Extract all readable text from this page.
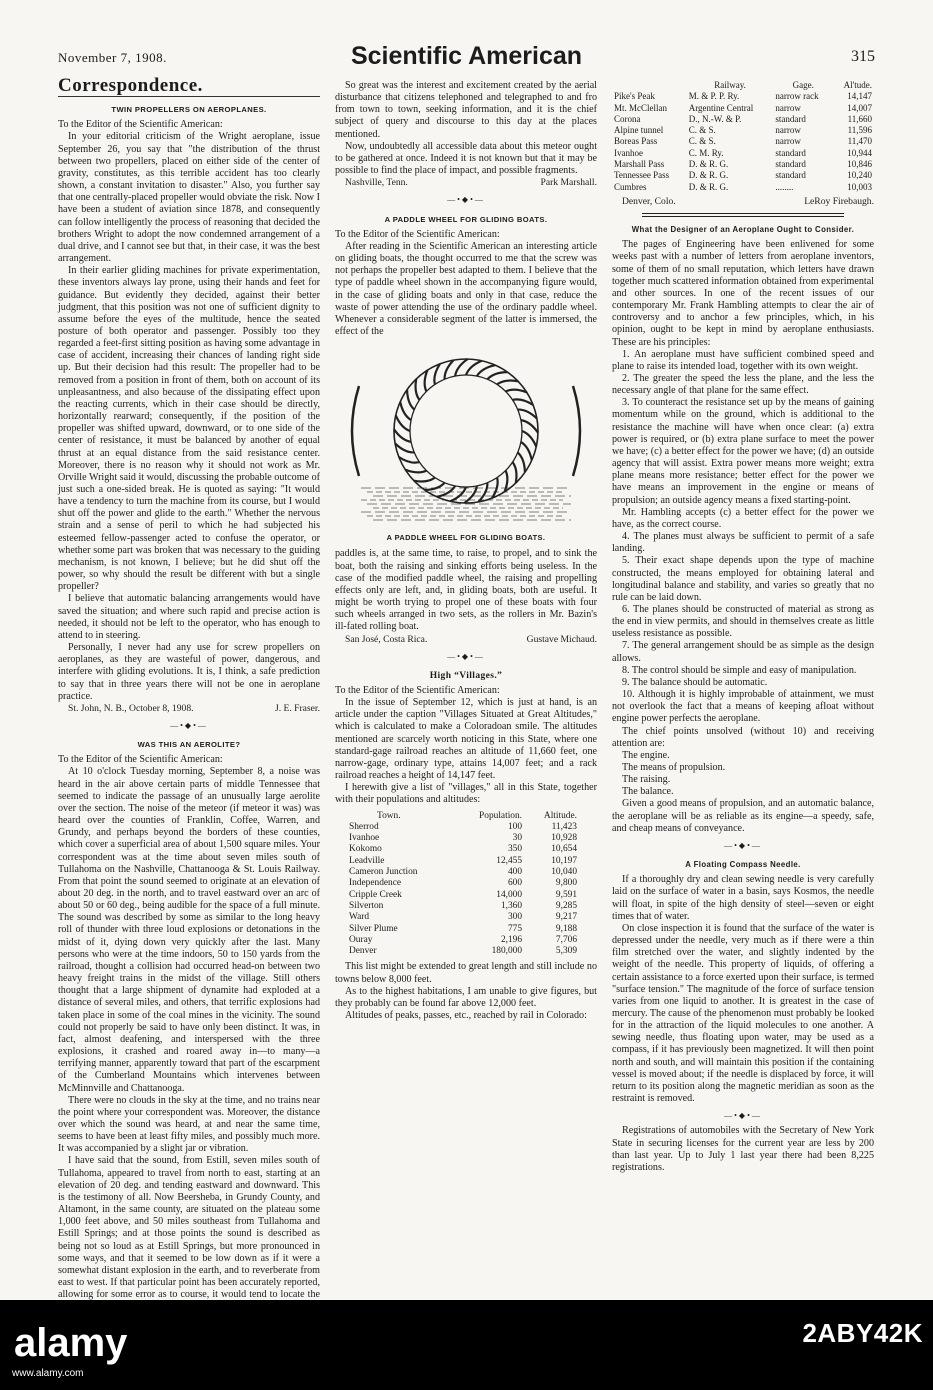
November 7, 1908.	Scientific American	315
Correspondence.
TWIN PROPELLERS ON AEROPLANES.

To the Editor of the Scientific American:

In your editorial criticism of the Wright aeroplane, issue September 26, you say that "the distribution of the thrust between two propellers, placed on either side of the center of gravity, constitutes, as this terrible accident has too clearly shown, a constant invitation to disaster." Also, you further say that one centrally-placed propeller would obviate the risk. Now I have been a student of aviation since 1878, and consequently can follow intelligently the process of reasoning that decided the brothers Wright to adopt the now condemned arrangement of a dual drive, and I cannot see but that, in their case, it was the best arrangement.

In their earlier gliding machines for private experimentation, these inventors always lay prone, using their hands and feet for guidance. But evidently they decided, against their better judgment, that this position was not one of sufficient dignity to assume before the eyes of the multitude, hence the seated posture of both operator and passenger. Possibly too they regarded a feet-first sitting position as having some advantage in case of accident, increasing their chances of landing right side up. But their decision had this result: The propeller had to be removed from a position in front of them, both on account of its unpleasantness, and also because of the dissipating effect upon the reacting currents, which in their case should be directly, horizontally rearward; consequently, if the position of the propeller was shifted upward, downward, or to one side of the center of resistance, it must be balanced by another of equal thrust at an equal distance from the said resistance center. Moreover, there is no reason why it should not work as Mr. Orville Wright said it would, discussing the probable outcome of just such a one-sided break. He is quoted as saying: "It would have a tendency to turn the machine from its course, but I would shut off the power and glide to the earth." Whether the nervous strain and a sense of peril to which he had subjected his esteemed fellow-passenger acted to confuse the operator, or whether some part was broken that was necessary to the guiding mechanism, is not known, I believe; but he did shut off the power, so why should the result be different with but a single propeller?

I believe that automatic balancing arrangements would have saved the situation; and where such rapid and precise action is needed, it should not be left to the operator, who has enough to attend to in steering.

Personally, I never had any use for screw propellers on aeroplanes, as they are wasteful of power, dangerous, and interfere with gliding evolutions. It is, I think, a safe prediction to say that in three years there will not be one in aeroplane practice.

St. John, N. B., October 8, 1908.	J. E. Fraser.
―•◆•―
WAS THIS AN AEROLITE?

To the Editor of the Scientific American:

At 10 o'clock Tuesday morning, September 8, a noise was heard in the air above certain parts of middle Tennessee that seemed to indicate the passage of an unusually large aerolite over the section. The noise of the meteor (if meteor it was) was heard over the counties of Franklin, Coffee, Warren, and Grundy, and perhaps beyond the borders of these counties, which cover a superficial area of about 1,500 square miles. Your correspondent was at the time about seven miles south of Tullahoma on the Nashville, Chattanooga & St. Louis Railway. From that point the sound seemed to originate at an elevation of about 20 deg. in the north, and to travel eastward over an arc of about 50 or 60 deg., being audible for the space of a full minute. The sound was described by some as similar to the long heavy roll of thunder with three loud explosions or detonations in the midst of it, dying down very quickly after the last. Many persons who were at the time indoors, 50 to 150 yards from the railroad, thought a collision had occurred head-on between two heavy freight trains in the midst of the village. Still others thought that a large shipment of dynamite had exploded at a distance of several miles, and others, that terrific explosions had taken place in some of the coal mines in the vicinity. The sound could not properly be said to have only been distinct. It was, in fact, almost deafening, and interspersed with the three explosions, it crashed and roared away in—to many—a terrifying manner, apparently toward that part of the escarpment of the Cumberland Mountains which intervenes between McMinnville and Chattanooga.

There were no clouds in the sky at the time, and no trains near the point where your correspondent was. Moreover, the distance over which the sound was heard, at and near the same time, seems to have been at least fifty miles, and possibly much more. It was accompanied by a slight jar or vibration.

I have said that the sound, from Estill, seven miles south of Tullahoma, appeared to travel from north to east, starting at an elevation of 20 deg. and tending eastward and downward. This is the testimony of all. Now Beersheba, in Grundy County, and Altamont, in the same county, are situated on the plateau some 1,000 feet above, and 50 miles southeast from Tullahoma and Estill Springs; and at those points the sound is described as being not so loud as at Estill Springs, but more pronounced in some ways, and that it seemed to be low down as if it were a somewhat distant explosion in the earth, and to reverberate from east to west. If that particular point has been accurately reported, allowing for some error as to course, it would tend to locate the

So great was the interest and excitement created by the aerial disturbance that citizens telephoned and telegraphed to and fro from town to town, seeking information, and it is the chief subject of query and discourse to this day at the places mentioned.

Now, undoubtedly all accessible data about this meteor ought to be gathered at once. Indeed it is not known but that it may be possible to find the place of impact, and possible fragments.

Nashville, Tenn.	Park Marshall.
―•◆•―
A PADDLE WHEEL FOR GLIDING BOATS.

To the Editor of the Scientific American:

After reading in the Scientific American an interesting article on gliding boats, the thought occurred to me that the screw was not perhaps the propeller best adapted to them. I believe that the type of paddle wheel shown in the accompanying figure would, in the case of gliding boats and only in that case, reduce the waste of power attending the use of the ordinary paddle wheel. Whenever a considerable segment of the latter is immersed, the effect of the

A PADDLE WHEEL FOR GLIDING BOATS.

paddles is, at the same time, to raise, to propel, and to sink the boat, both the raising and sinking efforts being useless. In the case of the modified paddle wheel, the raising and propelling effects only are left, and, in gliding boats, both are useful. It might be worth trying to propel one of these boats with four such wheels arranged in two sets, as the rollers in Mr. Bazin's ill-fated rolling boat.

San José, Costa Rica.	Gustave Michaud.
―•◆•―
High “Villages.”

To the Editor of the Scientific American:

In the issue of September 12, which is just at hand, is an article under the caption "Villages Situated at Great Altitudes," which is calculated to make a Coloradoan smile. The altitudes mentioned are scarcely worth noticing in this State, where one standard-gage railroad reaches an altitude of 11,660 feet, one narrow-gage, ordinary type, attains 14,007 feet; and a rack railroad reaches a height of 14,147 feet.

I herewith give a list of "villages," all in this State, together with their populations and altitudes:

Town.	Population.	Altitude.
Sherrod	100	11,423
Ivanhoe	30	10,928
Kokomo	350	10,654
Leadville	12,455	10,197
Cameron Junction	400	10,040
Independence	600	9,800
Cripple Creek	14,000	9,591
Silverton	1,360	9,285
Ward	300	9,217
Silver Plume	775	9,188
Ouray	2,196	7,706
Denver	180,000	5,309

This list might be extended to great length and still include no towns below 8,000 feet.

As to the highest habitations, I am unable to give figures, but they probably can be found far above 12,000 feet.

Altitudes of peaks, passes, etc., reached by rail in Colorado:

	Railway.	Gage.	Al'tude.
Pike's Peak	M. & P. P. Ry.	narrow rack	14,147
Mt. McClellan	Argentine Central	narrow	14,007
Corona	D., N.-W. & P.	standard	11,660
Alpine tunnel	C. & S.	narrow	11,596
Boreas Pass	C. & S.	narrow	11,470
Ivanhoe	C. M. Ry.	standard	10,944
Marshall Pass	D. & R. G.	standard	10,846
Tennessee Pass	D. & R. G.	standard	10,240
Cumbres	D. & R. G.	........	10,003
Denver, Colo.	LeRoy Firebaugh.
What the Designer of an Aeroplane Ought to Consider.

The pages of Engineering have been enlivened for some weeks past with a number of letters from aeroplane inventors, some of them of no small reputation, which letters have drawn together much scattered information obtained from experimental and other sources. In one of the recent issues of our contemporary Mr. Frank Hambling attempts to clear the air of controversy and to anchor a few principles, which, in his opinion, ought to be kept in mind by aeroplane enthusiasts. These are his principles:

1. An aeroplane must have sufficient combined speed and plane to raise its intended load, together with its own weight.

2. The greater the speed the less the plane, and the less the necessary angle of that plane for the same effect.

3. To counteract the resistance set up by the means of gaining momentum while on the ground, which is additional to the resistance the machine will have when once clear: (a) extra power is required, or (b) extra plane surface to meet the power we have; (c) a better effect for the power we have; (d) an outside agency that will assist. Extra power means more weight; extra plane means more resistance; better effect for the power we have means an improvement in the engine or means of propulsion; an outside agency means a fixed starting-point.

Mr. Hambling accepts (c) a better effect for the power we have, as the correct course.

4. The planes must always be sufficient to permit of a safe landing.

5. Their exact shape depends upon the type of machine constructed, the means employed for obtaining lateral and longitudinal balance and stability, and varies so greatly that no rule can be laid down.

6. The planes should be constructed of material as strong as the end in view permits, and should in themselves create as little useless resistance as possible.

7. The general arrangement should be as simple as the design allows.

8. The control should be simple and easy of manipulation.

9. The balance should be automatic.

10. Although it is highly improbable of attainment, we must not overlook the fact that a means of keeping afloat without engine power perfects the aeroplane.

The chief points unsolved (without 10) and receiving attention are:

The engine.

The means of propulsion.

The raising.

The balance.

Given a good means of propulsion, and an automatic balance, the aeroplane will be as reliable as its engine—a speedy, safe, and cheap means of conveyance.

―•◆•―
A Floating Compass Needle.

If a thoroughly dry and clean sewing needle is very carefully laid on the surface of water in a basin, says Kosmos, the needle will float, in spite of the high density of steel—seven or eight times that of water.

On close inspection it is found that the surface of the water is depressed under the needle, very much as if there were a thin film stretched over the water, and slightly indented by the weight of the needle. This property of liquids, of offering a certain assistance to a force exerted upon their surface, is termed "surface tension." The magnitude of the force of surface tension varies from one liquid to another. It is greatest in the case of mercury. The cause of the phenomenon must probably be looked for in the attraction of the liquid molecules to one another. A sewing needle, thus floating upon water, may be used as a compass, if it has previously been magnetized. It will then point north and south, and will maintain this position if the containing vessel is moved about; if the needle is displaced by force, it will return to its position along the magnetic meridian as soon as the restraint is removed.

―•◆•―

Registrations of automobiles with the Secretary of New York State in securing licenses for the current year are less by 200 than last year. Up to July 1 last year there had been 8,225 registrations.

alamy
www.alamy.com
2ABY42K
